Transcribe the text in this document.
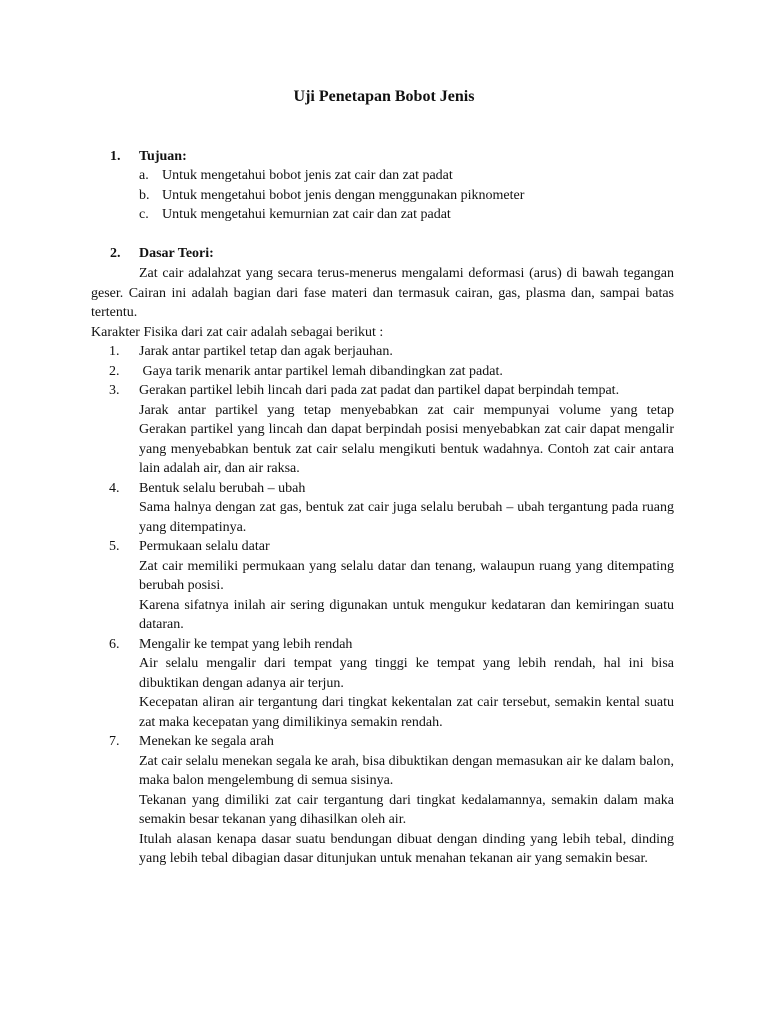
Uji Penetapan Bobot Jenis
1.	Tujuan:
a. Untuk mengetahui bobot jenis zat cair dan zat padat
b. Untuk mengetahui bobot jenis dengan menggunakan piknometer
c. Untuk mengetahui kemurnian zat cair dan zat padat
2.	Dasar Teori:

Zat cair adalahzat yang secara terus-menerus mengalami deformasi (arus) di bawah tegangan geser. Cairan ini adalah bagian dari fase materi dan termasuk cairan, gas, plasma dan, sampai batas tertentu.

Karakter Fisika dari zat cair adalah sebagai berikut :

1.	Jarak antar partikel tetap dan agak berjauhan.
2.	Gaya tarik menarik antar partikel lemah dibandingkan zat padat.
3.	Gerakan partikel lebih lincah dari pada zat padat dan partikel dapat berpindah tempat.
Jarak antar partikel yang tetap menyebabkan zat cair mempunyai volume yang tetap
Gerakan partikel yang lincah dan dapat berpindah posisi menyebabkan zat cair dapat mengalir yang menyebabkan bentuk zat cair selalu mengikuti bentuk wadahnya. Contoh zat cair antara lain adalah air, dan air raksa.
4.	Bentuk selalu berubah – ubah
Sama halnya dengan zat gas, bentuk zat cair juga selalu berubah – ubah tergantung pada ruang yang ditempatinya.
5.	Permukaan selalu datar
Zat cair memiliki permukaan yang selalu datar dan tenang, walaupun ruang yang ditempating berubah posisi.
Karena sifatnya inilah air sering digunakan untuk mengukur kedataran dan kemiringan suatu dataran.
6.	Mengalir ke tempat yang lebih rendah
Air selalu mengalir dari tempat yang tinggi ke tempat yang lebih rendah, hal ini bisa dibuktikan dengan adanya air terjun.
Kecepatan aliran air tergantung dari tingkat kekentalan zat cair tersebut, semakin kental suatu zat maka kecepatan yang dimilikinya semakin rendah.
7.	Menekan ke segala arah
Zat cair selalu menekan segala ke arah, bisa dibuktikan dengan memasukan air ke dalam balon, maka balon mengelembung di semua sisinya.
Tekanan yang dimiliki zat cair tergantung dari tingkat kedalamannya, semakin dalam maka semakin besar tekanan yang dihasilkan oleh air.
Itulah alasan kenapa dasar suatu bendungan dibuat dengan dinding yang lebih tebal, dinding yang lebih tebal dibagian dasar ditunjukan untuk menahan tekanan air yang semakin besar.
